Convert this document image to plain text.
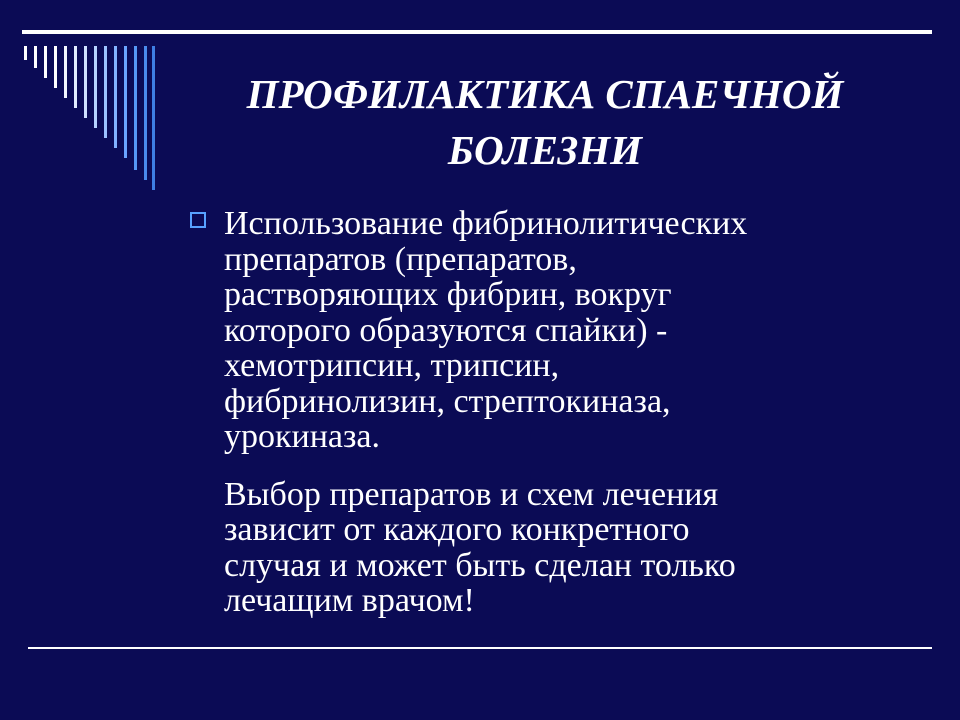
ПРОФИЛАКТИКА СПАЕЧНОЙ
БОЛЕЗНИ

Использование фибринолитических
препаратов (препаратов,
растворяющих фибрин, вокруг
которого образуются спайки) -
хемотрипсин, трипсин,
фибринолизин, стрептокиназа,
урокиназа.

Выбор препаратов и схем лечения
зависит от каждого конкретного
случая и может быть сделан только
лечащим врачом!
